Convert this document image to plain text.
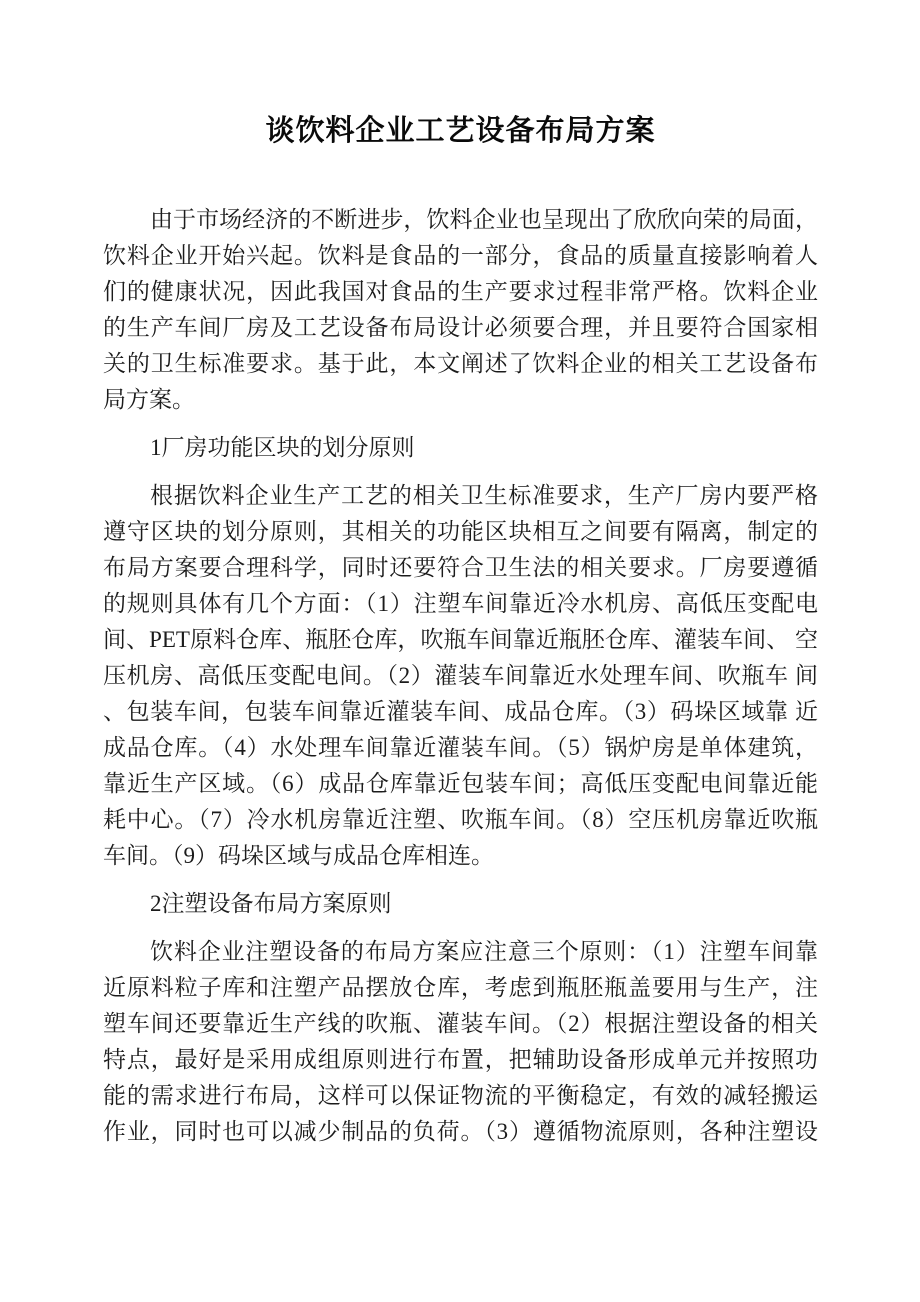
谈饮料企业工艺设备布局方案
由于市场经济的不断进步，饮料企业也呈现出了欣欣向荣的局面，
饮料企业开始兴起。饮料是食品的一部分，食品的质量直接影响着人
们的健康状况，因此我国对食品的生产要求过程非常严格。饮料企业
的生产车间厂房及工艺设备布局设计必须要合理，并且要符合国家相
关的卫生标准要求。基于此，本文阐述了饮料企业的相关工艺设备布
局方案。
1厂房功能区块的划分原则
根据饮料企业生产工艺的相关卫生标准要求，生产厂房内要严格
遵守区块的划分原则，其相关的功能区块相互之间要有隔离，制定的
布局方案要合理科学，同时还要符合卫生法的相关要求。厂房要遵循
的规则具体有几个方面：（1）注塑车间靠近冷水机房、高低压变配电
间、PET原料仓库、瓶胚仓库，吹瓶车间靠近瓶胚仓库、灌装车间、 空
压机房、高低压变配电间。（2）灌装车间靠近水处理车间、吹瓶车 间
、包装车间，包装车间靠近灌装车间、成品仓库。（3）码垛区域靠 近
成品仓库。（4）水处理车间靠近灌装车间。（5）锅炉房是单体建筑，
靠近生产区域。（6）成品仓库靠近包装车间；高低压变配电间靠近能
耗中心。（7）冷水机房靠近注塑、吹瓶车间。（8）空压机房靠近吹瓶
车间。（9）码垛区域与成品仓库相连。
2注塑设备布局方案原则
饮料企业注塑设备的布局方案应注意三个原则：（1）注塑车间靠
近原料粒子库和注塑产品摆放仓库，考虑到瓶胚瓶盖要用与生产，注
塑车间还要靠近生产线的吹瓶、灌装车间。（2）根据注塑设备的相关
特点，最好是采用成组原则进行布置，把辅助设备形成单元并按照功
能的需求进行布局，这样可以保证物流的平衡稳定，有效的减轻搬运
作业，同时也可以减少制品的负荷。（3）遵循物流原则，各种注塑设
